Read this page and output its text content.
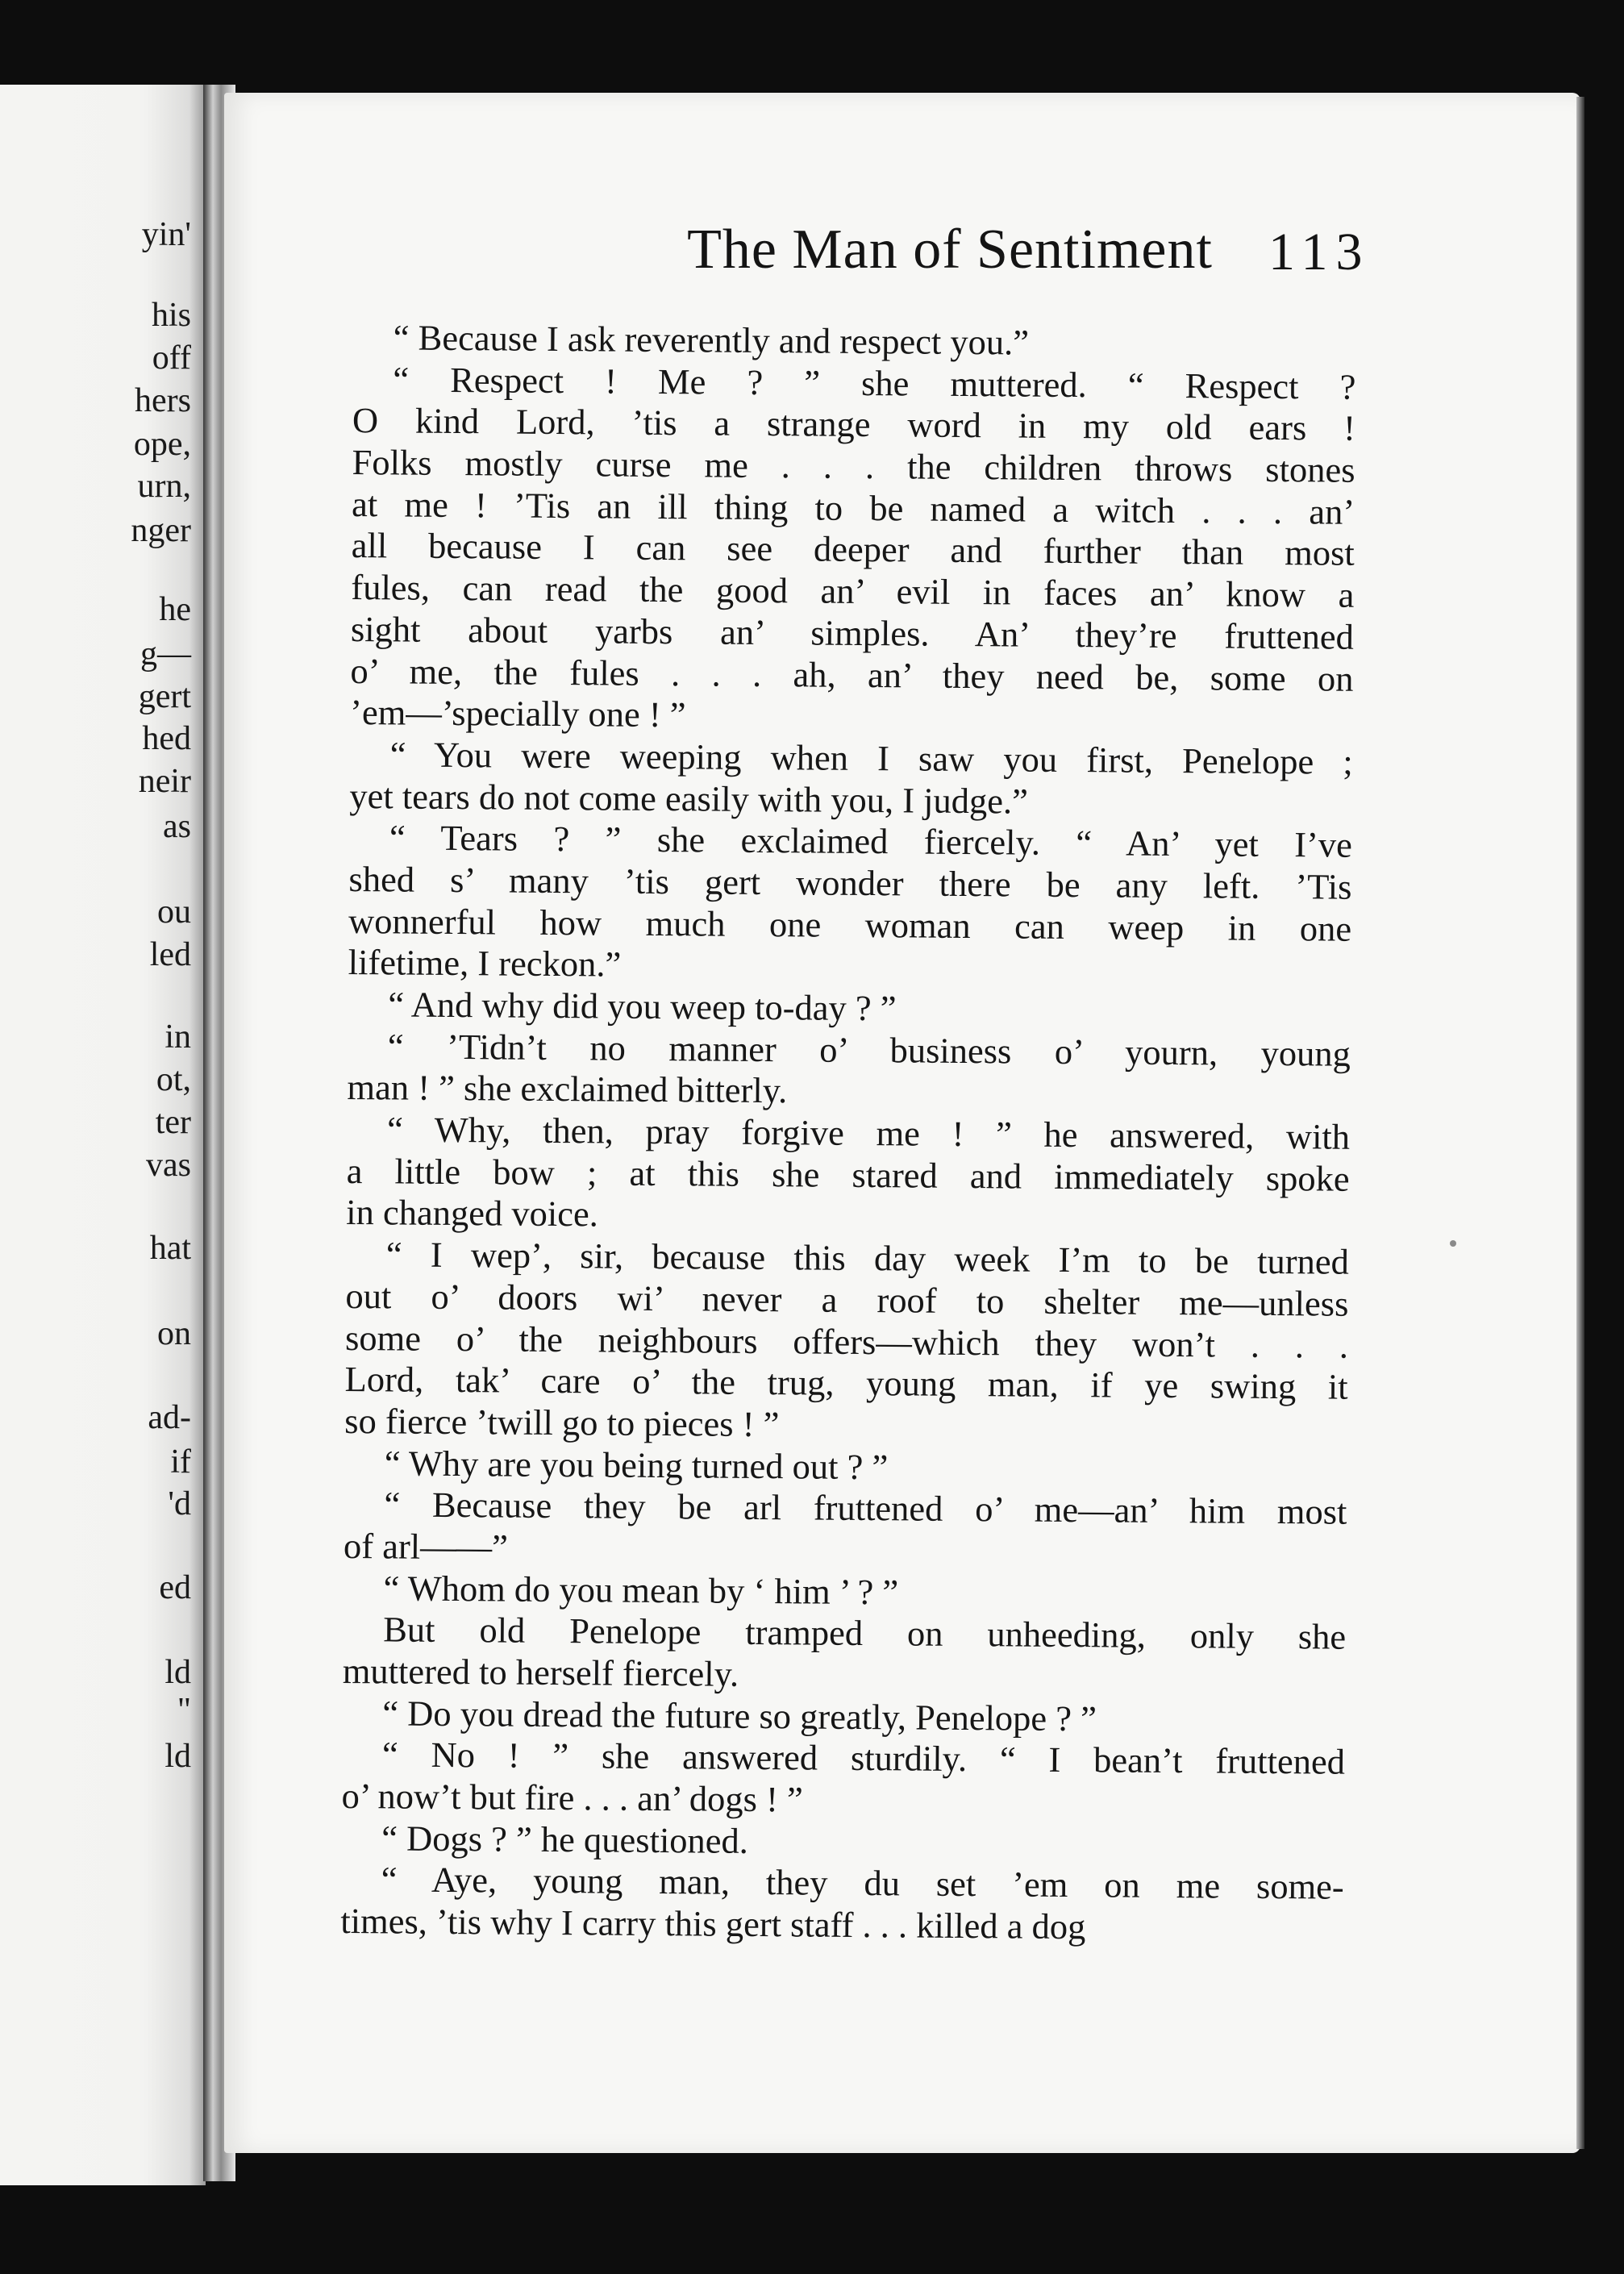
yin'
his
off
hers
ope,
urn,
nger
he
g—
gert
hed
neir
as
ou
led
in
ot,
ter
vas
hat
on
ad-
if
'd
ed
ld
"
ld
The Man of Sentiment	113
“ Because I ask reverently and respect you.”
“ Respect ! Me ? ” she muttered. “ Respect ?
O kind Lord, ’tis a strange word in my old ears !
Folks mostly curse me . . . the children throws stones
at me ! ’Tis an ill thing to be named a witch . . . an’
all because I can see deeper and further than most
fules, can read the good an’ evil in faces an’ know a
sight about yarbs an’ simples. An’ they’re fruttened
o’ me, the fules . . . ah, an’ they need be, some on
’em—’specially one ! ”
“ You were weeping when I saw you first, Penelope ;
yet tears do not come easily with you, I judge.”
“ Tears ? ” she exclaimed fiercely. “ An’ yet I’ve
shed s’ many ’tis gert wonder there be any left. ’Tis
wonnerful how much one woman can weep in one
lifetime, I reckon.”
“ And why did you weep to-day ? ”
“ ’Tidn’t no manner o’ business o’ yourn, young
man ! ” she exclaimed bitterly.
“ Why, then, pray forgive me ! ” he answered, with
a little bow ; at this she stared and immediately spoke
in changed voice.
“ I wep’, sir, because this day week I’m to be turned
out o’ doors wi’ never a roof to shelter me—unless
some o’ the neighbours offers—which they won’t . . .
Lord, tak’ care o’ the trug, young man, if ye swing it
so fierce ’twill go to pieces ! ”
“ Why are you being turned out ? ”
“ Because they be arl fruttened o’ me—an’ him most
of arl——”
“ Whom do you mean by ‘ him ’ ? ”
But old Penelope tramped on unheeding, only she
muttered to herself fiercely.
“ Do you dread the future so greatly, Penelope ? ”
“ No ! ” she answered sturdily. “ I bean’t fruttened
o’ now’t but fire . . . an’ dogs ! ”
“ Dogs ? ” he questioned.
“ Aye, young man, they du set ’em on me some-
times, ’tis why I carry this gert staff . . . killed a dog
